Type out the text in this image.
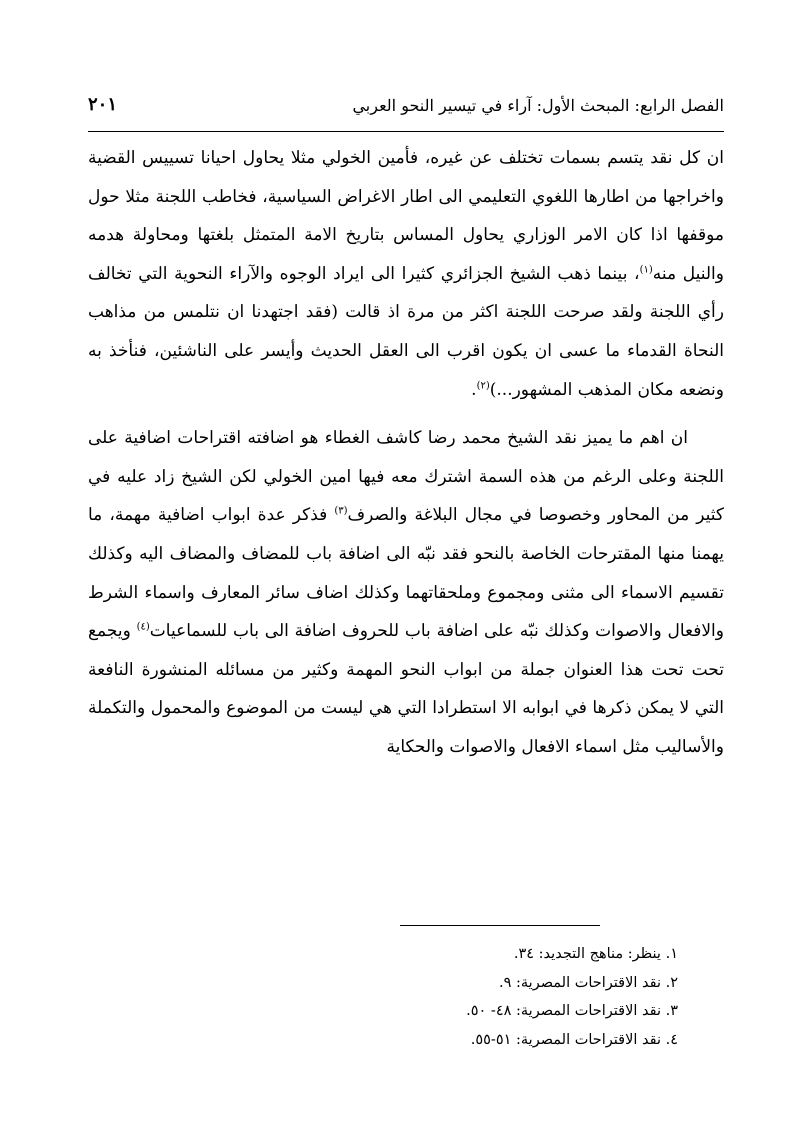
الفصل الرابع: المبحث الأول: آراء في تيسير النحو العربي
٢٠١

ان كل نقد يتسم بسمات تختلف عن غيره، فأمين الخولي مثلا يحاول احيانا تسييس القضية واخراجها من اطارها اللغوي التعليمي الى اطار الاغراض السياسية، فخاطب اللجنة مثلا حول موقفها اذا كان الامر الوزاري يحاول المساس بتاريخ الامة المتمثل بلغتها ومحاولة هدمه والنيل منه$^{(١)}$، بينما ذهب الشيخ الجزائري كثيرا الى ايراد الوجوه والآراء النحوية التي تخالف رأي اللجنة ولقد صرحت اللجنة اكثر من مرة اذ قالت (فقد اجتهدنا ان نتلمس من مذاهب النحاة القدماء ما عسى ان يكون اقرب الى العقل الحديث وأيسر على الناشئين، فنأخذ به ونضعه مكان المذهب المشهور...)$^{(٢)}$.

ان اهم ما يميز نقد الشيخ محمد رضا كاشف الغطاء هو اضافته اقتراحات اضافية على اللجنة وعلى الرغم من هذه السمة اشترك معه فيها امين الخولي لكن الشيخ زاد عليه في كثير من المحاور وخصوصا في مجال البلاغة والصرف$^{(٣)}$ فذكر عدة ابواب اضافية مهمة، ما يهمنا منها المقترحات الخاصة بالنحو فقد نبّه الى اضافة باب للمضاف والمضاف اليه وكذلك تقسيم الاسماء الى مثنى ومجموع وملحقاتهما وكذلك اضاف سائر المعارف واسماء الشرط والافعال والاصوات وكذلك نبّه على اضافة باب للحروف اضافة الى باب للسماعيات$^{(٤)}$ ويجمع تحت تحت هذا العنوان جملة من ابواب النحو المهمة وكثير من مسائله المنشورة النافعة التي لا يمكن ذكرها في ابوابه الا استطرادا التي هي ليست من الموضوع والمحمول والتكملة والأساليب مثل اسماء الافعال والاصوات والحكاية

١. ينظر: مناهج التجديد: ٣٤.
٢. نقد الاقتراحات المصرية: ٩.
٣. نقد الاقتراحات المصرية: ٤٨- ٥٠.
٤. نقد الاقتراحات المصرية: ٥١-٥٥.
